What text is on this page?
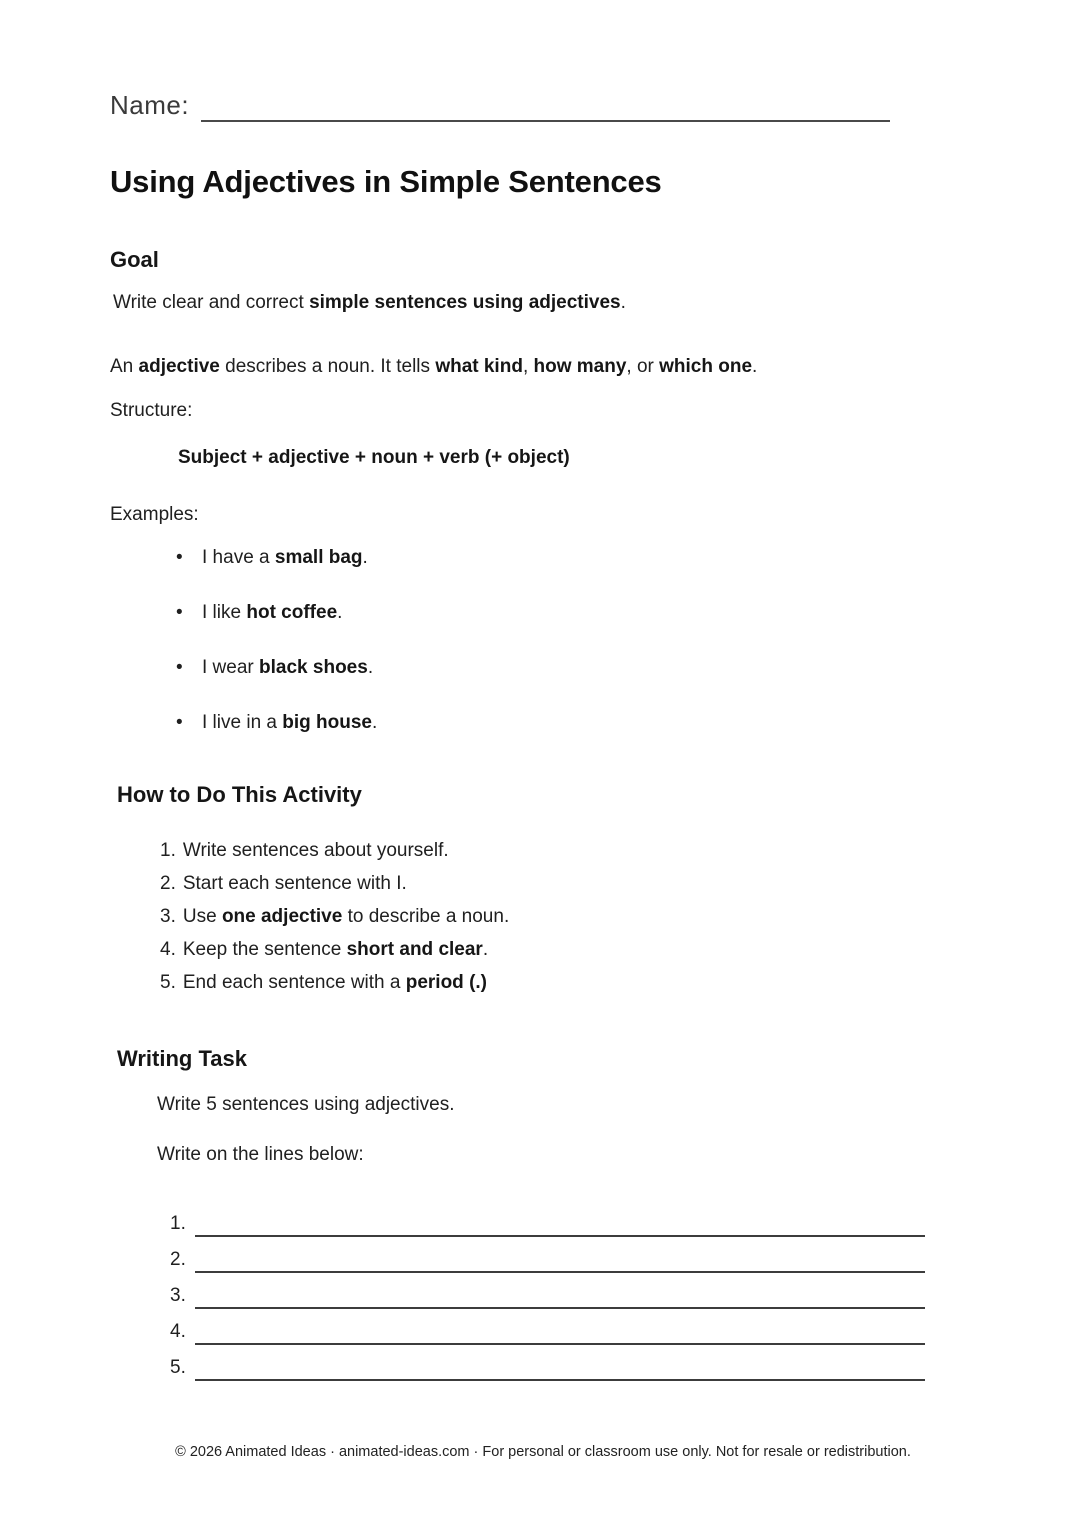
Name:
Using Adjectives in Simple Sentences
Goal

Write clear and correct simple sentences using adjectives.

An adjective describes a noun. It tells what kind, how many, or which one.

Structure:

Subject + adjective + noun + verb (+ object)

Examples:

•
I have a small bag.
•
I like hot coffee.
•
I wear black shoes.
•
I live in a big house.
How to Do This Activity
1. Write sentences about yourself.
2. Start each sentence with I.
3. Use one adjective to describe a noun.
4. Keep the sentence short and clear.
5. End each sentence with a period (.)
Writing Task

Write 5 sentences using adjectives.

Write on the lines below:

1.
2.
3.
4.
5.
© 2026 Animated Ideas · animated-ideas.com · For personal or classroom use only. Not for resale or redistribution.
